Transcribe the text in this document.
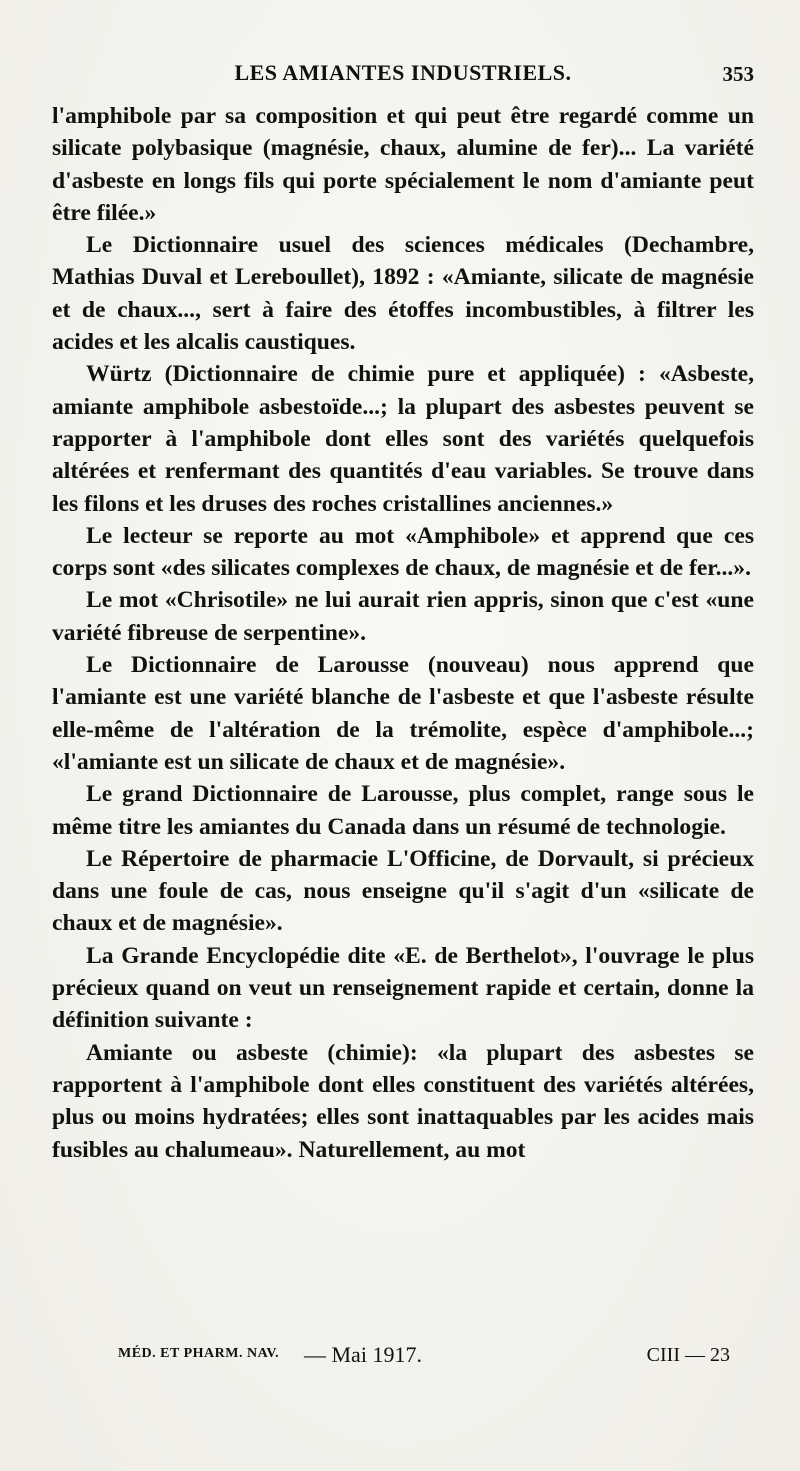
LES AMIANTES INDUSTRIELS.	353

l'amphibole par sa composition et qui peut être regardé comme un silicate polybasique (magnésie, chaux, alumine de fer)... La variété d'asbeste en longs fils qui porte spécialement le nom d'amiante peut être filée.»

Le Dictionnaire usuel des sciences médicales (Dechambre, Mathias Duval et Lereboullet), 1892 : «Amiante, silicate de magnésie et de chaux..., sert à faire des étoffes incombustibles, à filtrer les acides et les alcalis caustiques.

Würtz (Dictionnaire de chimie pure et appliquée) : «Asbeste, amiante amphibole asbestoïde...; la plupart des asbestes peuvent se rapporter à l'amphibole dont elles sont des variétés quelquefois altérées et renfermant des quantités d'eau variables. Se trouve dans les filons et les druses des roches cristallines anciennes.»

Le lecteur se reporte au mot «Amphibole» et apprend que ces corps sont «des silicates complexes de chaux, de magnésie et de fer...».

Le mot «Chrisotile» ne lui aurait rien appris, sinon que c'est «une variété fibreuse de serpentine».

Le Dictionnaire de Larousse (nouveau) nous apprend que l'amiante est une variété blanche de l'asbeste et que l'asbeste résulte elle-même de l'altération de la trémolite, espèce d'amphibole...; «l'amiante est un silicate de chaux et de magnésie».

Le grand Dictionnaire de Larousse, plus complet, range sous le même titre les amiantes du Canada dans un résumé de technologie.

Le Répertoire de pharmacie L'Officine, de Dorvault, si précieux dans une foule de cas, nous enseigne qu'il s'agit d'un «silicate de chaux et de magnésie».

La Grande Encyclopédie dite «E. de Berthelot», l'ouvrage le plus précieux quand on veut un renseignement rapide et certain, donne la définition suivante :

Amiante ou asbeste (chimie): «la plupart des asbestes se rapportent à l'amphibole dont elles constituent des variétés altérées, plus ou moins hydratées; elles sont inattaquables par les acides mais fusibles au chalumeau». Naturellement, au mot

MÉD. ET PHARM. NAV. — Mai 1917.	CIII — 23
